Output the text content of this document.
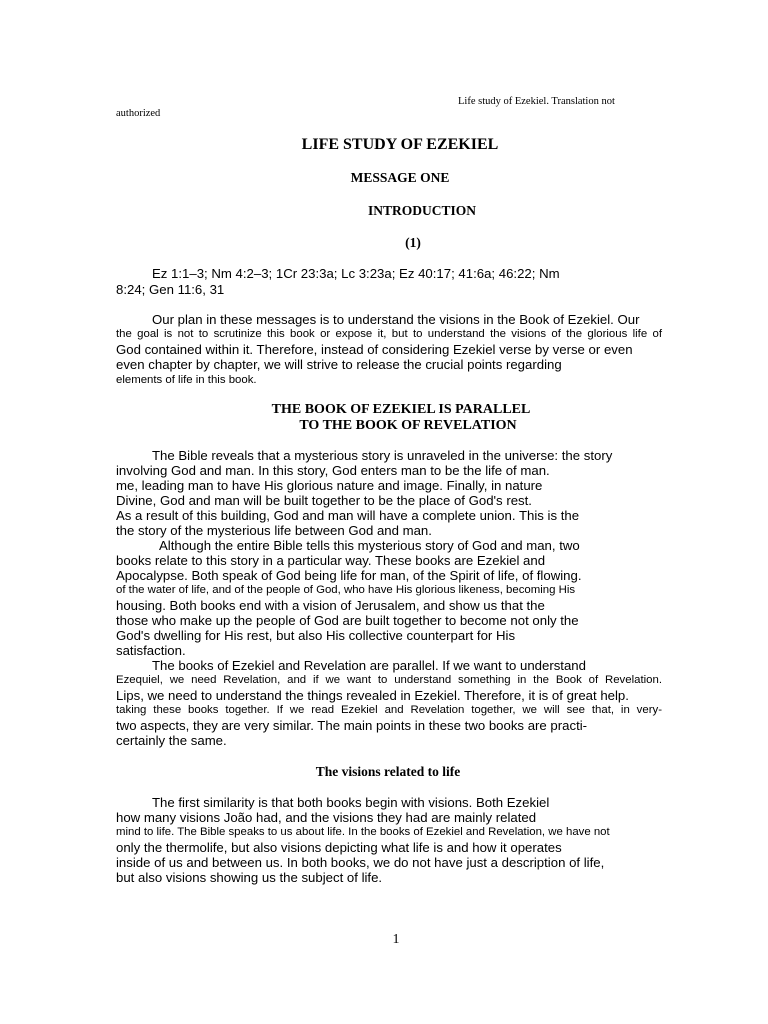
Life study of Ezekiel. Translation not
authorized
LIFE STUDY OF EZEKIEL
MESSAGE ONE
INTRODUCTION
(1)
Ez 1:1–3; Nm 4:2–3; 1Cr 23:3a; Lc 3:23a; Ez 40:17; 41:6a; 46:22; Nm
8:24; Gen 11:6, 31
Our plan in these messages is to understand the visions in the Book of Ezekiel. Our
the goal is not to scrutinize this book or expose it, but to understand the visions of the glorious life of
God contained within it. Therefore, instead of considering Ezekiel verse by verse or even
even chapter by chapter, we will strive to release the crucial points regarding
elements of life in this book.
THE BOOK OF EZEKIEL IS PARALLEL
TO THE BOOK OF REVELATION
The Bible reveals that a mysterious story is unraveled in the universe: the story
involving God and man. In this story, God enters man to be the life of man.
me, leading man to have His glorious nature and image. Finally, in nature
Divine, God and man will be built together to be the place of God's rest.
As a result of this building, God and man will have a complete union. This is the
the story of the mysterious life between God and man.
Although the entire Bible tells this mysterious story of God and man, two
books relate to this story in a particular way. These books are Ezekiel and
Apocalypse. Both speak of God being life for man, of the Spirit of life, of flowing.
of the water of life, and of the people of God, who have His glorious likeness, becoming His
housing. Both books end with a vision of Jerusalem, and show us that the
those who make up the people of God are built together to become not only the
God's dwelling for His rest, but also His collective counterpart for His
satisfaction.
The books of Ezekiel and Revelation are parallel. If we want to understand
Ezequiel, we need Revelation, and if we want to understand something in the Book of Revelation.
Lips, we need to understand the things revealed in Ezekiel. Therefore, it is of great help.
taking these books together. If we read Ezekiel and Revelation together, we will see that, in very-
two aspects, they are very similar. The main points in these two books are practi-
certainly the same.
The visions related to life
The first similarity is that both books begin with visions. Both Ezekiel
how many visions João had, and the visions they had are mainly related
mind to life. The Bible speaks to us about life. In the books of Ezekiel and Revelation, we have not
only the thermolife, but also visions depicting what life is and how it operates
inside of us and between us. In both books, we do not have just a description of life,
but also visions showing us the subject of life.
1
